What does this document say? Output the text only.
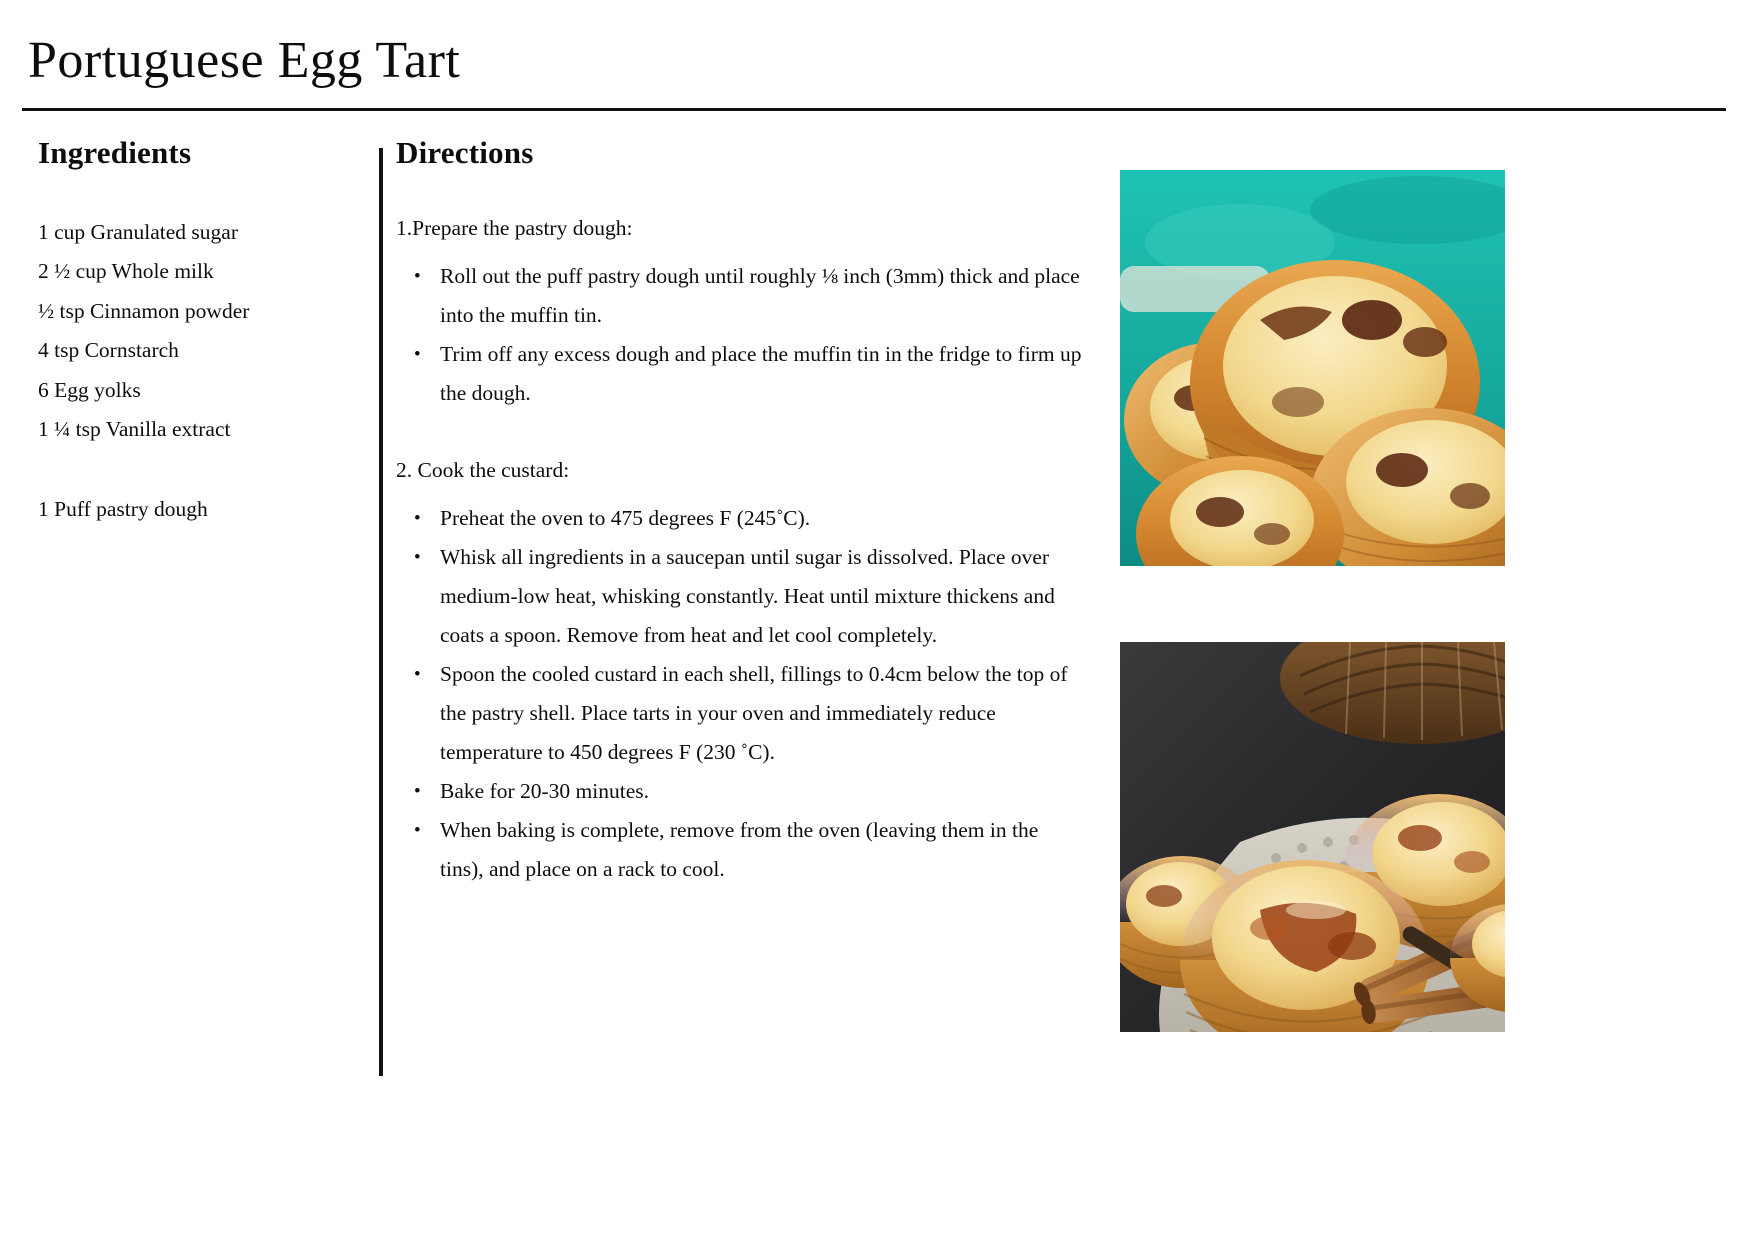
Portuguese Egg Tart
Ingredients
1 cup Granulated sugar
2 ½ cup Whole milk
½ tsp Cinnamon powder
4 tsp Cornstarch
6 Egg yolks
1 ¼ tsp Vanilla extract
1 Puff pastry dough
Directions

1.Prepare the pastry dough:

• Roll out the puff pastry dough until roughly ⅛ inch (3mm) thick and place into the muffin tin.
• Trim off any excess dough and place the muffin tin in the fridge to firm up the dough.

2. Cook the custard:

• Preheat the oven to 475 degrees F (245˚C).
• Whisk all ingredients in a saucepan until sugar is dissolved. Place over medium-low heat, whisking constantly. Heat until mixture thickens and coats a spoon. Remove from heat and let cool completely.
• Spoon the cooled custard in each shell, fillings to 0.4cm below the top of the pastry shell. Place tarts in your oven and immediately reduce temperature to 450 degrees F (230 ˚C).
• Bake for 20-30 minutes.
• When baking is complete, remove from the oven (leaving them in the tins), and place on a rack to cool.
